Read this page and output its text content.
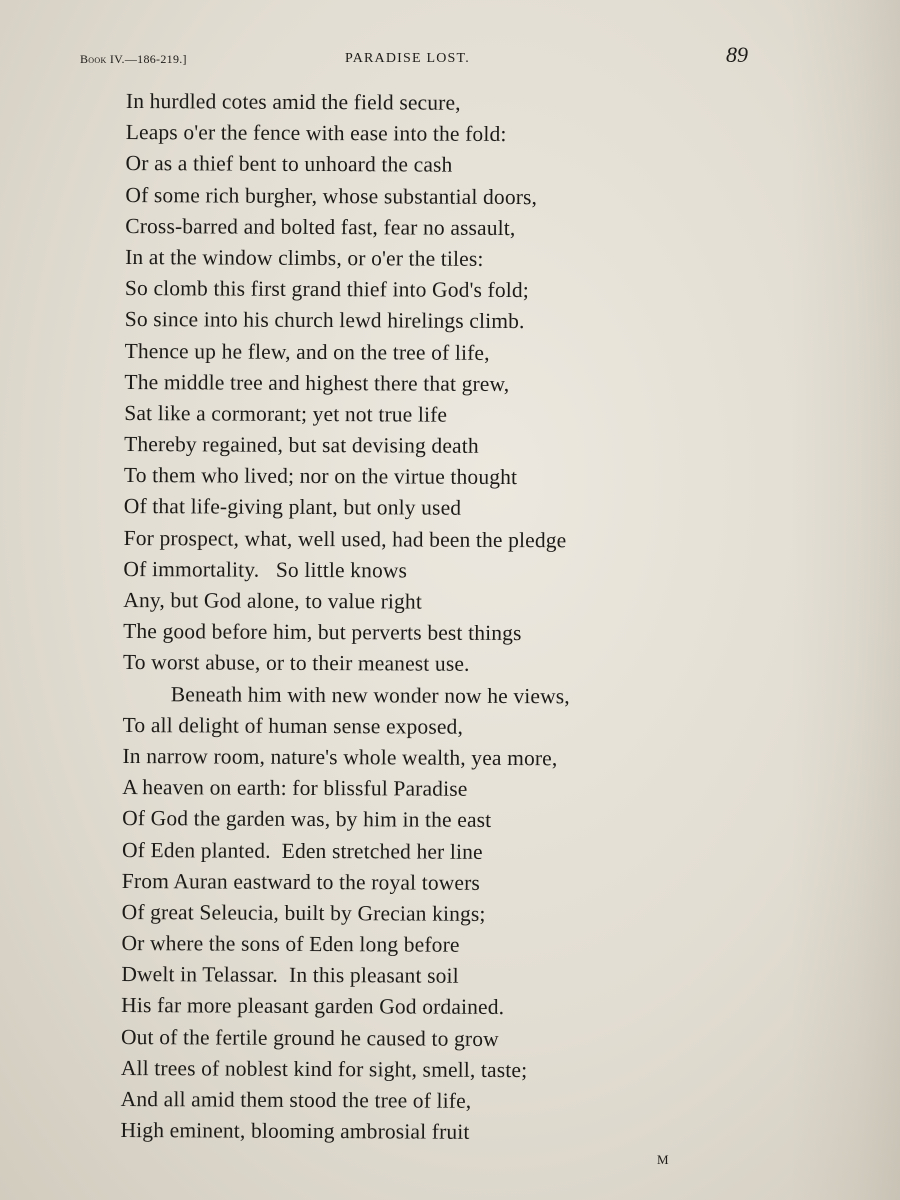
Book IV.—186-219.]	PARADISE LOST.	89
In hurdled cotes amid the field secure,
Leaps o'er the fence with ease into the fold:
Or as a thief bent to unhoard the cash
Of some rich burgher, whose substantial doors,
Cross-barred and bolted fast, fear no assault,
In at the window climbs, or o'er the tiles:
So clomb this first grand thief into God's fold;
So since into his church lewd hirelings climb.
Thence up he flew, and on the tree of life,
The middle tree and highest there that grew,
Sat like a cormorant; yet not true life
Thereby regained, but sat devising death
To them who lived; nor on the virtue thought
Of that life-giving plant, but only used
For prospect, what, well used, had been the pledge
Of immortality.   So little knows
Any, but God alone, to value right
The good before him, but perverts best things
To worst abuse, or to their meanest use.
Beneath him with new wonder now he views,
To all delight of human sense exposed,
In narrow room, nature's whole wealth, yea more,
A heaven on earth: for blissful Paradise
Of God the garden was, by him in the east
Of Eden planted.  Eden stretched her line
From Auran eastward to the royal towers
Of great Seleucia, built by Grecian kings;
Or where the sons of Eden long before
Dwelt in Telassar.  In this pleasant soil
His far more pleasant garden God ordained.
Out of the fertile ground he caused to grow
All trees of noblest kind for sight, smell, taste;
And all amid them stood the tree of life,
High eminent, blooming ambrosial fruit
M
